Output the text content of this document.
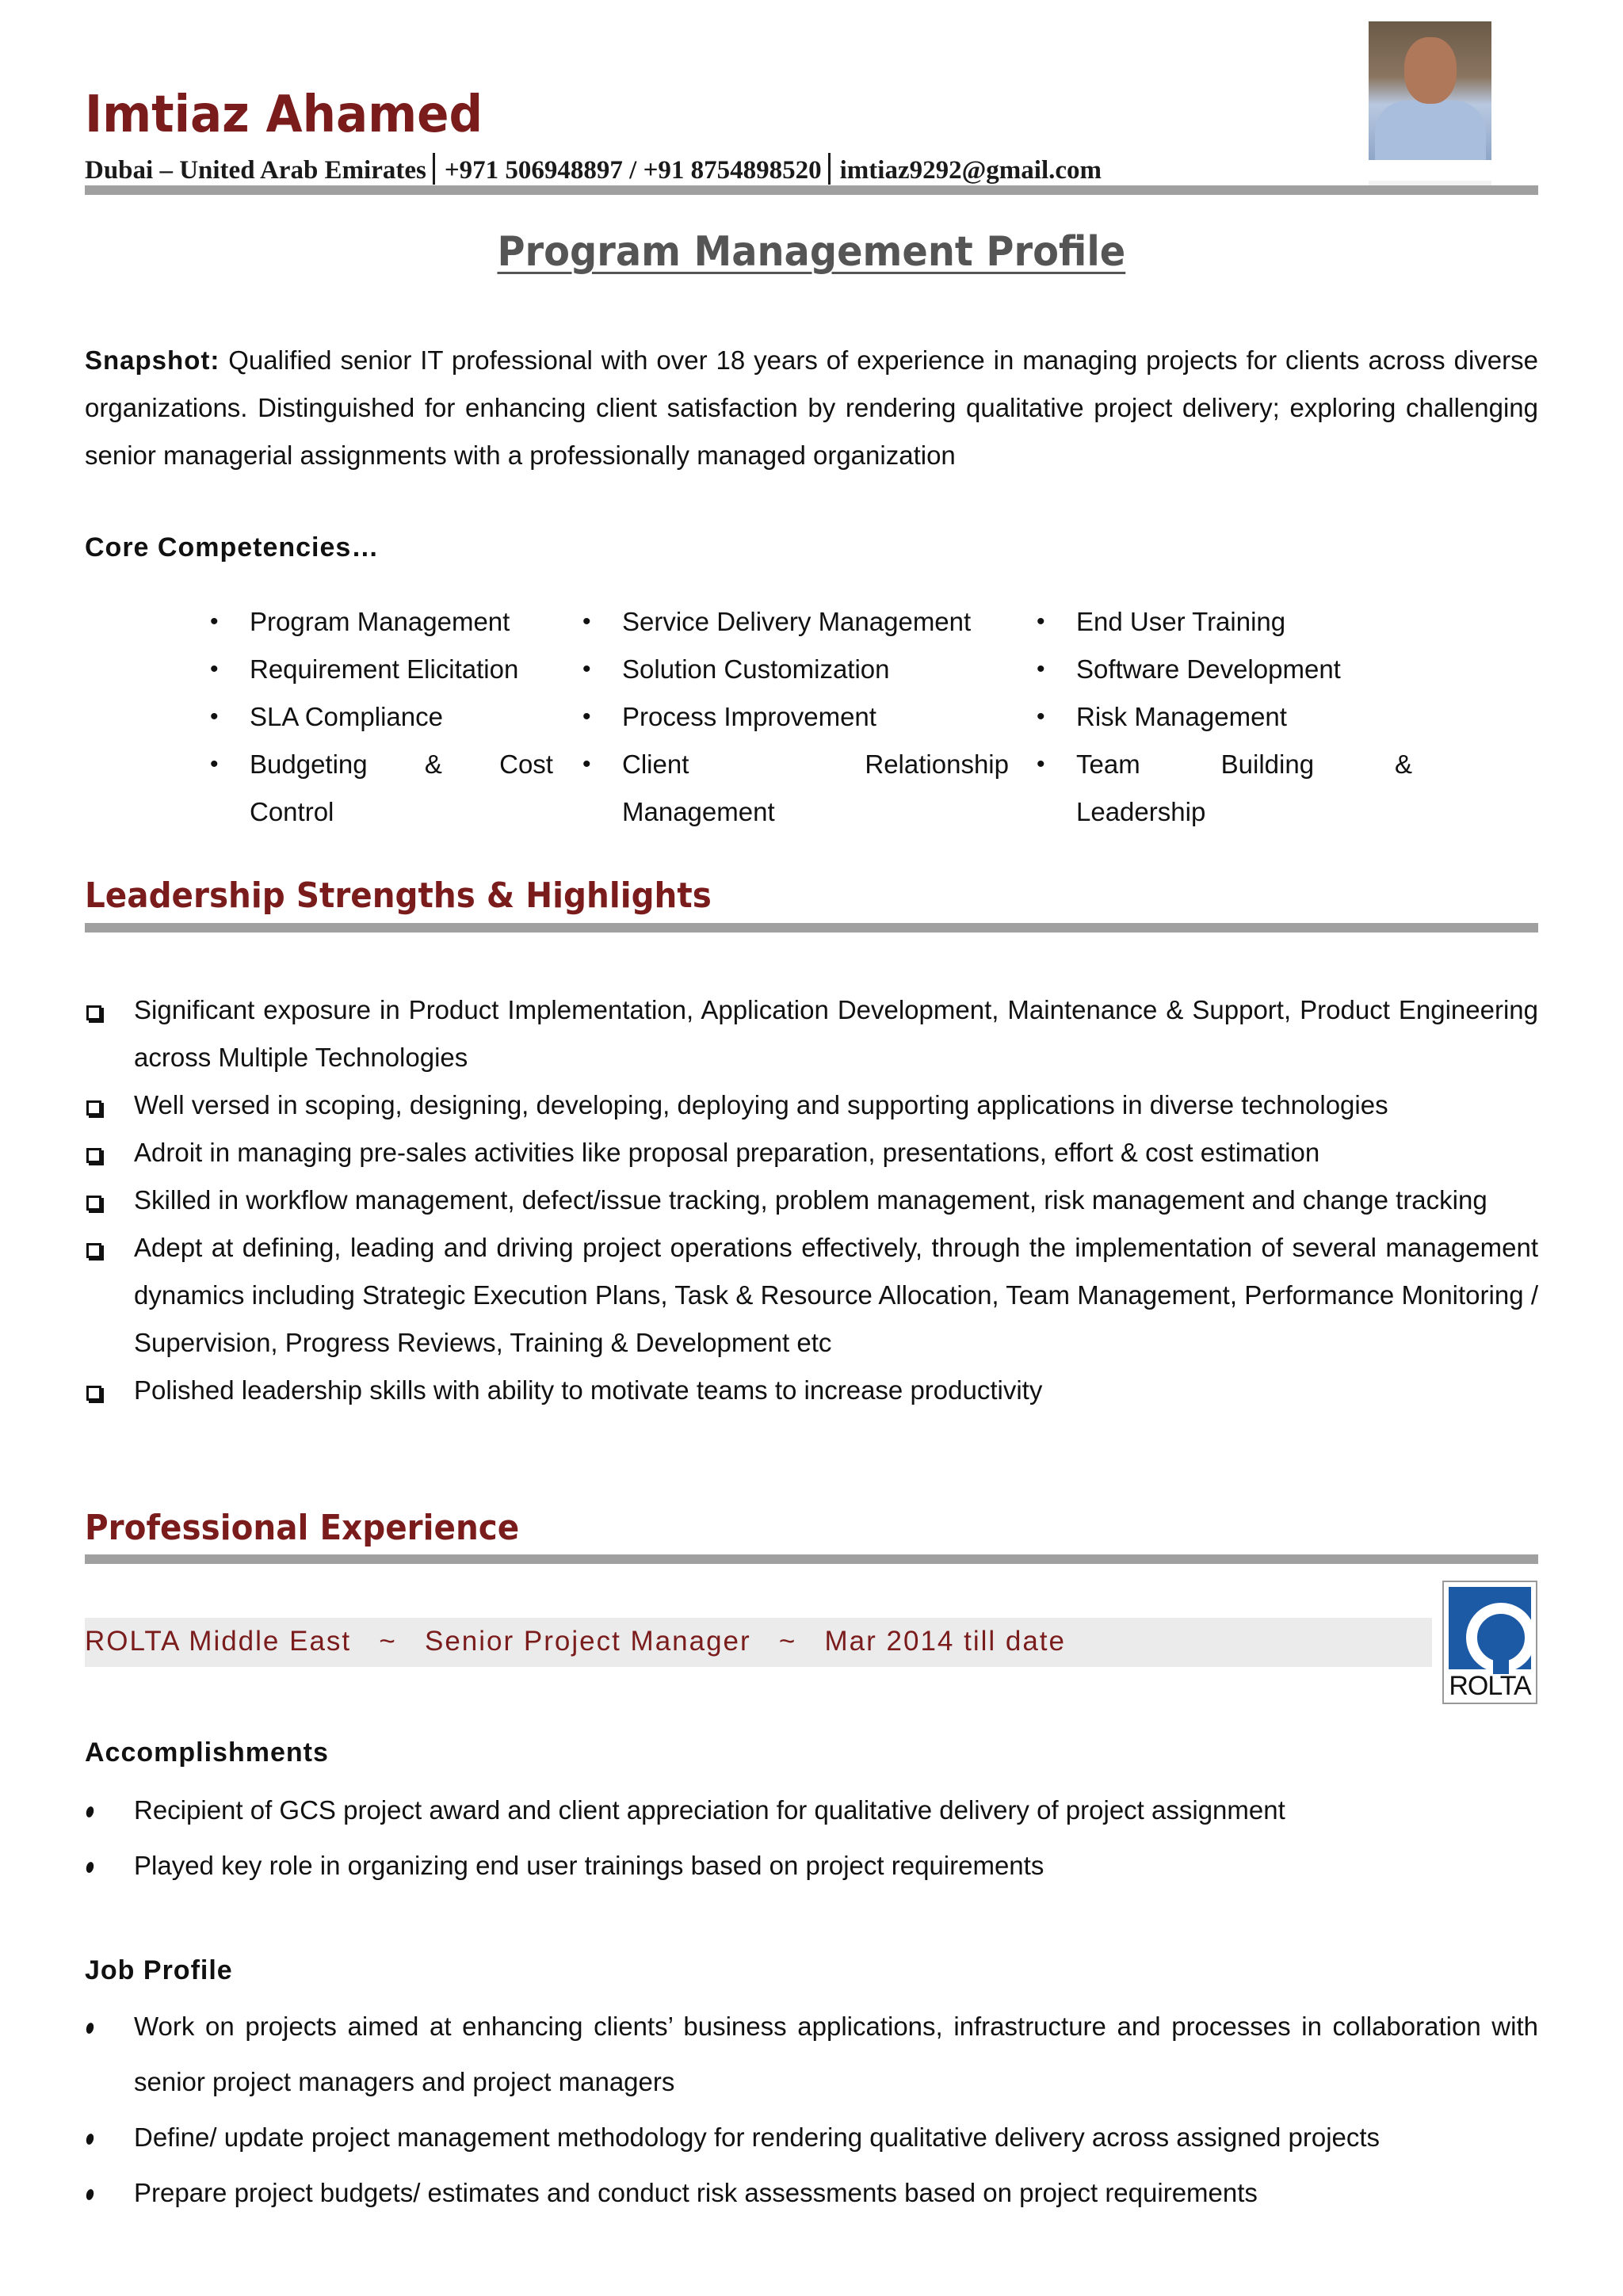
Imtiaz Ahamed
Dubai – United Arab Emirates +971 506948897 / +91 8754898520 imtiaz9292@gmail.com
Program Management Profile
Snapshot: Qualified senior IT professional with over 18 years of experience in managing projects for clients across diverse organizations. Distinguished for enhancing client satisfaction by rendering qualitative project delivery; exploring challenging senior managerial assignments with a professionally managed organization
Core Competencies…
• Program Management
• Requirement Elicitation
• SLA Compliance
• Budgeting & Cost
Control
• Service Delivery Management
• Solution Customization
• Process Improvement
• Client	Relationship
Management
• End User Training
• Software Development
• Risk Management
• Team	Building	&
Leadership
Leadership Strengths & Highlights
Significant exposure in Product Implementation, Application Development, Maintenance & Support, Product Engineering across Multiple Technologies
Well versed in scoping, designing, developing, deploying and supporting applications in diverse technologies
Adroit in managing pre-sales activities like proposal preparation, presentations, effort & cost estimation
Skilled in workflow management, defect/issue tracking, problem management, risk management and change tracking
Adept at defining, leading and driving project operations effectively, through the implementation of several management dynamics including Strategic Execution Plans, Task & Resource Allocation, Team Management, Performance Monitoring / Supervision, Progress Reviews, Training & Development etc
Polished leadership skills with ability to motivate teams to increase productivity
Professional Experience
ROLTA Middle East ~ Senior Project Manager ~ Mar 2014 till date
ROLTA
Accomplishments
Recipient of GCS project award and client appreciation for qualitative delivery of project assignment
Played key role in organizing end user trainings based on project requirements
Job Profile
Work on projects aimed at enhancing clients’ business applications, infrastructure and processes in collaboration with senior project managers and project managers
Define/ update project management methodology for rendering qualitative delivery across assigned projects
Prepare project budgets/ estimates and conduct risk assessments based on project requirements
